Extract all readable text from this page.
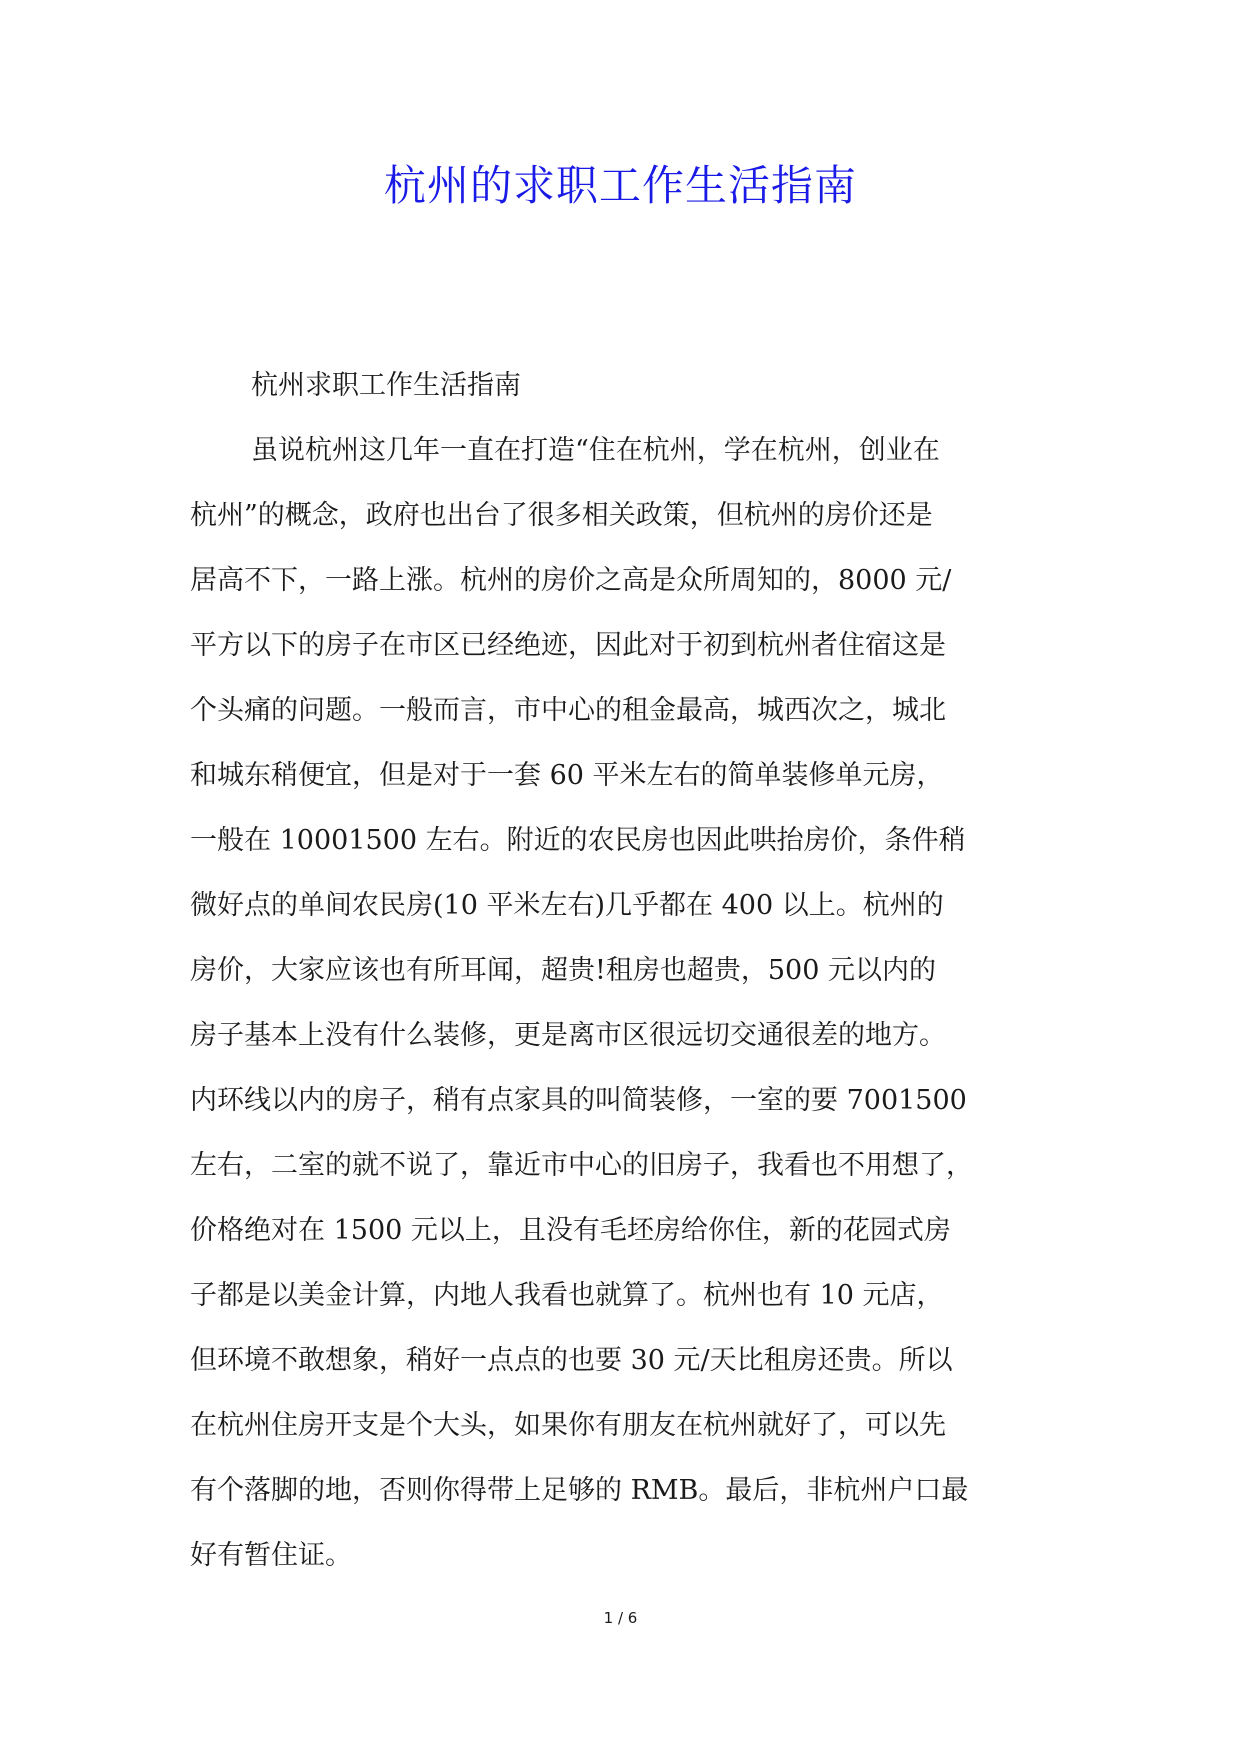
杭州的求职工作生活指南

杭州求职工作生活指南

虽说杭州这几年一直在打造“住在杭州，学在杭州，创业在

杭州”的概念，政府也出台了很多相关政策，但杭州的房价还是

居高不下，一路上涨。杭州的房价之高是众所周知的，8000 元/

平方以下的房子在市区已经绝迹，因此对于初到杭州者住宿这是

个头痛的问题。一般而言，市中心的租金最高，城西次之，城北

和城东稍便宜，但是对于一套 60 平米左右的简单装修单元房，

一般在 10001500 左右。附近的农民房也因此哄抬房价，条件稍

微好点的单间农民房(10 平米左右)几乎都在 400 以上。杭州的

房价，大家应该也有所耳闻，超贵!租房也超贵，500 元以内的

房子基本上没有什么装修，更是离市区很远切交通很差的地方。

内环线以内的房子，稍有点家具的叫简装修，一室的要 7001500

左右，二室的就不说了，靠近市中心的旧房子，我看也不用想了，

价格绝对在 1500 元以上，且没有毛坯房给你住，新的花园式房

子都是以美金计算，内地人我看也就算了。杭州也有 10 元店，

但环境不敢想象，稍好一点点的也要 30 元/天比租房还贵。所以

在杭州住房开支是个大头，如果你有朋友在杭州就好了，可以先

有个落脚的地，否则你得带上足够的 RMB。最后，非杭州户口最

好有暂住证。

1 / 6
